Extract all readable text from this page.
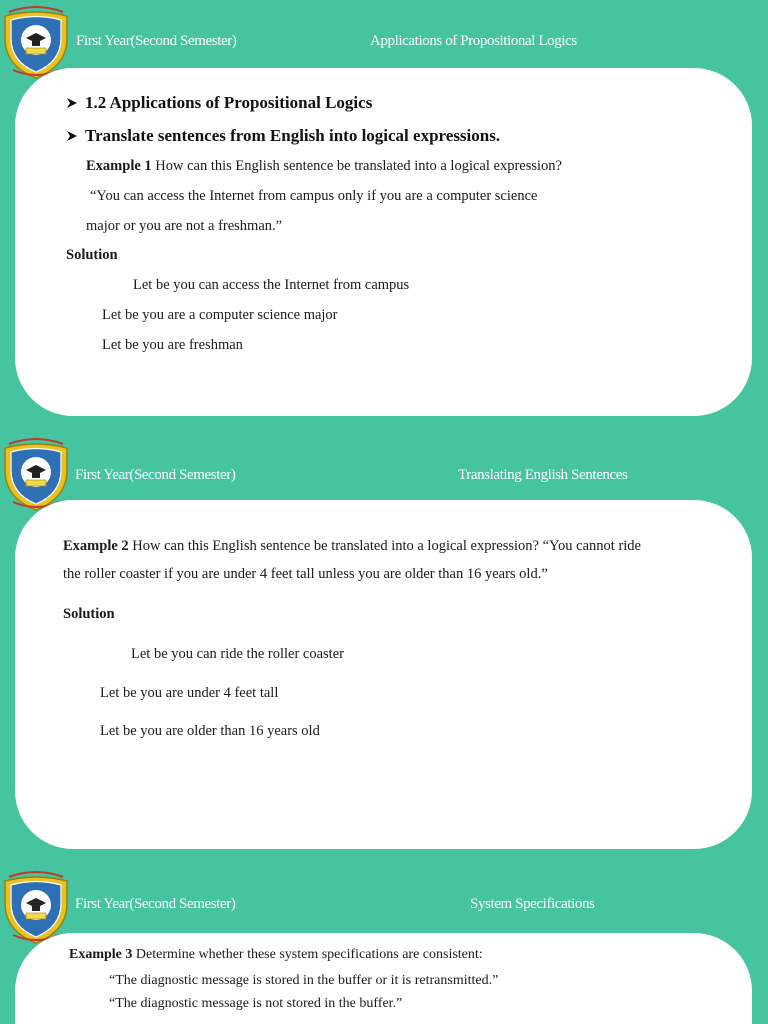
First Year(Second Semester)	Applications of Propositional Logics
1.2 Applications of Propositional Logics
Translate sentences from English into logical expressions.
Example 1 How can this English sentence be translated into a logical expression?
“You can access the Internet from campus only if you are a computer science
major or you are not a freshman.”
Solution
Let be you can access the Internet from campus
Let be you are a computer science major
Let be you are freshman
First Year(Second Semester)	Translating English Sentences
Example 2 How can this English sentence be translated into a logical expression? “You cannot ride
the roller coaster if you are under 4 feet tall unless you are older than 16 years old.”
Solution
Let be you can ride the roller coaster
Let be you are under 4 feet tall
Let be you are older than 16 years old
First Year(Second Semester)	System Specifications
Example 3 Determine whether these system specifications are consistent:
“The diagnostic message is stored in the buffer or it is retransmitted.”
“The diagnostic message is not stored in the buffer.”
